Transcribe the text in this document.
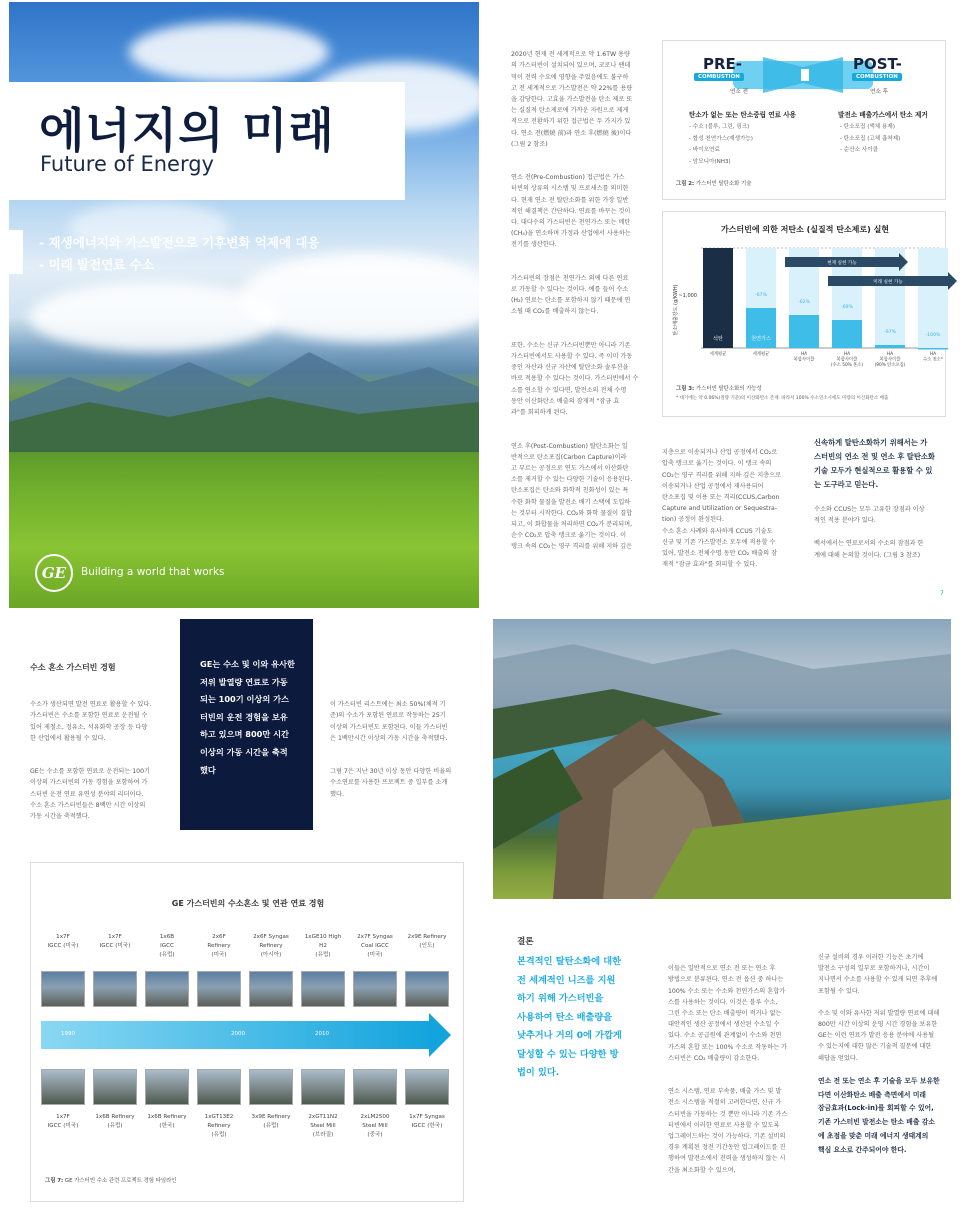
에너지의 미래
Future of Energy
- 재생에너지와 가스발전으로 기후변화 억제에 대응
- 미래 발전연료 수소
GE	Building a world that works

2020년 현재 전 세계적으로 약 1.6TW 용량
의 가스터빈이 설치되어 있으며, 코로나 팬데
믹이 전력 수요에 영향을 주었음에도 불구하
고 전 세계적으로 가스발전은 약 22%를 용량
을 감당한다. 고효율 가스발전을 탄소 제로 또
는 실질적 탄소제로에 가까운 자원으로 제게
적으로 전환하기 위한 접근법은 두 가지가 있
다. 연소 전(燃燒 前)과 연소 후(燃燒 後)이다
(그림 2 참조)

연소 전(Pre-Combustion) 접근법은 가스
터빈의 상류의 시스템 및 프로세스를 의미한
다. 현재 연소 전 탈탄소화를 위한 가장 일반
적인 해결책은 간단하다. 연료를 바꾸는 것이
다. 대다수의 가스터빈은 천연가스 또는 메탄
(CH₄)을 연소하며 가정과 산업에서 사용하는
전기를 생산한다.

가스터빈의 장점은 천연가스 외에 다른 연료
로 가동할 수 있다는 것이다. 예를 들어 수소
(H₂) 연료는 탄소를 포함하지 않기 때문에 연
소될 때 CO₂를 배출하지 않는다.

또한, 수소는 신규 가스터빈뿐만 아니라 기존
가스터빈에서도 사용할 수 있다. 즉 이미 가동
중인 자산과 신규 자산에 탈탄소화 솔루션을
바로 적용할 수 있다는 것이다. 가스터빈에서 수
소를 연소할 수 있다면, 발전소의 전체 수명
동안 이산화탄소 배출의 잠재적 "잠금 효
과"를 회피하게 된다.

연소 후(Post-Combustion) 탈탄소화는 일
반적으로 탄소포집(Carbon Capture)이라
고 부르는 공정으로 연도 가스에서 이산화탄
소를 제거할 수 있는 다양한 기술이 응용된다.
탄소포집은 탄소와 화학적 친화성이 있는 특
수한 화학 물질을 발전소 배기 스택에 도입하
는 것부터 시작한다. CO₂와 화학 물질이 결합
되고, 이 화합물을 처리하면 CO₂가 분리되며,
순수 CO₂로 압축 탱크로 옮기는 것이다. 이
탱크 속의 CO₂는 영구 격리를 위해 지하 깊은

지층으로 이송되거나 산업 공정에서 CO₂로
압축 탱크로 옮기는 것이다. 이 탱크 속의
CO₂는 영구 격리를 위해 지하 깊은 지층으로
이송되거나 산업 공정에서 재사용되어
탄소포집 및 이용 또는 격리(CCUS,Carbon
Capture and Utilization or Sequestra-
tion) 공정이 완성된다.
수소 혼소 사례와 유사하게 CCUS 기술도
신규 및 기존 가스발전소 모두에 적용할 수
있어, 발전소 전체수명 동안 CO₂ 배출의 잠
재적 "잠금 효과"를 회피할 수 있다.

신속하게 탈탄소화하기 위해서는 가
스터빈의 연소 전 및 연소 후 탈탄소화
기술 모두가 현실적으로 활용할 수 있
는 도구라고 믿는다.
수소와 CCUS는 모두 고유한 장점과 이상
적인 적용 분야가 있다.
백서에서는 연료로서의 수소의 잠점과 한
계에 대해 논의할 것이다. (그림 3 참조)
7
PRE-
COMBUSTION
POST-
COMBUSTION
연소 전	연소 후
탄소가 없는 또는 탄소중립 연료 사용
- 수소 (블루, 그린, 핑크)
- 합성 천연가스(재생가능)
- 바이오연료
- 암모니아(NH3)
발전소 배출가스에서 탄소 제거
- 탄소포집 (액체 용제)
- 탄소포집 (고체 흡착제)
- 순산소 사이클
그림 2: 가스터빈 탈탄소화 기술
가스터빈에 의한 저탄소 (실질적 탄소제로) 실현
탄소배출강도 (g/KWH) ~1,000
석탄
세계평균
천연가스
-67%
세계평균
-62%
HA
복합사이클
-69%
HA
복합사이클
(수소 50% 혼소)
-97%
HA
복합사이클
(90% 탄소포집)
-100%
HA
수소 전소*
현재 실현 가능
미래 실현 가능
그림 3: 가스터빈 탈탄소화의 가능성
* 대기에는 약 0.06%(질량 기준)의 이산화탄소 존재. 따라서 100% 수소연소시에도 미량의 이산화탄소 배출
수소 혼소 가스터빈 경험

수소가 생산되면 발전 연료로 활용할 수 있다.
가스터빈은 수소를 포함한 연료로 운전될 수
있어 제철소, 정유소, 석유화학 공장 등 다양
한 산업에서 활용될 수 있다.

GE는 수소를 포함한 연료로 운전되는 100기
이상의 가스터빈의 가동 경험을 포함하여 가
스터빈 운전 연료 유연성 분야의 리더이다.
수소 혼소 가스터빈들은 8백만 시간 이상의
가동 시간을 축적했다.

GE는 수소 및 이와 유사한
저위 발열량 연료로 가동
되는 100기 이상의 가스
터빈의 운전 경험을 보유
하고 있으며 800만 시간
이상의 가동 시간을 축적
했다

이 가스터빈 리스트에는 최소 50%(체적 기
준)의 수소가 포함된 연료로 작동하는 25기
이상의 가스터빈도 포함된다. 이들 가스터빈
은 1백만시간 이상의 가동 시간을 축적했다.

그림 7은 지난 30년 이상 동안 다양한 비율의
수소연료를 사용한 프로젝트 중 일부를 소개
했다.

GE 가스터빈의 수소혼소 및 연관 연료 경험
1x7F
IGCC (미국)
1x7F
IGCC (미국)
1x6B
IGCC
(유럽)
2x6F
Refinery
(미국)
2x6F Syngas
Refinery
(아시아)
1xGE10 High
H2
(유럽)
2x7F Syngas
Coal IGCC
(미국)
2x9E Refinery
(인도)
1990	2000	2010
1x7F
IGCC (미국)
1x6B Refinery
(유럽)
1x6B Refinery
(한국)
1xGT13E2
Refinery
(유럽)
3x9E Refinery
(유럽)
2xGT11N2
Steel Mill
(브라질)
2xLM2500
Steel Mill
(중국)
1x7F Syngas
IGCC (한국)
그림 7: GE 가스터빈 수소 관련 프로젝트 경험 타임라인
결론
본격적인 탈탄소화에 대한
전 세계적인 니즈를 지원
하기 위해 가스터빈을
사용하여 탄소 배출량을
낮추거나 거의 0에 가깝게
달성할 수 있는 다양한 방
법이 있다.

이들은 일반적으로 연소 전 또는 연소 후
방법으로 분류된다. 연소 전 옵션 중 하나는
100% 수소 또는 수소와 천연가스의 혼합가
스를 사용하는 것이다. 이것은 블루 수소,
그린 수소 또는 탄소 배출량이 적거나 없는
대안적인 생산 공정에서 생산된 수소일 수
있다. 수소 공급원에 관계없이 수소와 천연
가스의 혼합 또는 100% 수소로 작동하는 가
스터빈은 CO₂ 배출량이 감소한다.

연소 시스템, 연료 부속품, 배출 가스 및 발
전소 시스템을 적절히 고려한다면, 신규 가
스터빈을 가동하는 것 뿐만 아니라 기존 가스
터빈에서 이러한 연료로 사용할 수 있도록
업그레이드하는 것이 가능하다. 기존 설비의
경우 계획된 정전 기간동안 업그레이드를 진
행하여 발전소에서 전력을 생성하지 않는 시
간을 최소화할 수 있으며,

신규 설비의 경우 이러한 기능은 초기에
발전소 구성의 일부로 포함하거나, 시간이
지나면서 수소를 사용할 수 있게 되면 추후에
포함될 수 있다.
수소 및 이와 유사한 저위 발열량 연료에 대해
800만 시간 이상의 운영 시간 경험을 보유한
GE는 이런 연료가 발전 응용 분야에 사용될
수 있는지에 대한 많은 기술적 질문에 대한
해답을 얻었다.
연소 전 또는 연소 후 기술을 모두 보유한
다면 이산화탄소 배출 측면에서 미래
잠금효과(Lock-in)를 회피할 수 있어,
기존 가스터빈 발전소는 탄소 배출 감소
에 초점을 맞춘 미래 에너지 생태계의
핵심 요소로 간주되어야 한다.
